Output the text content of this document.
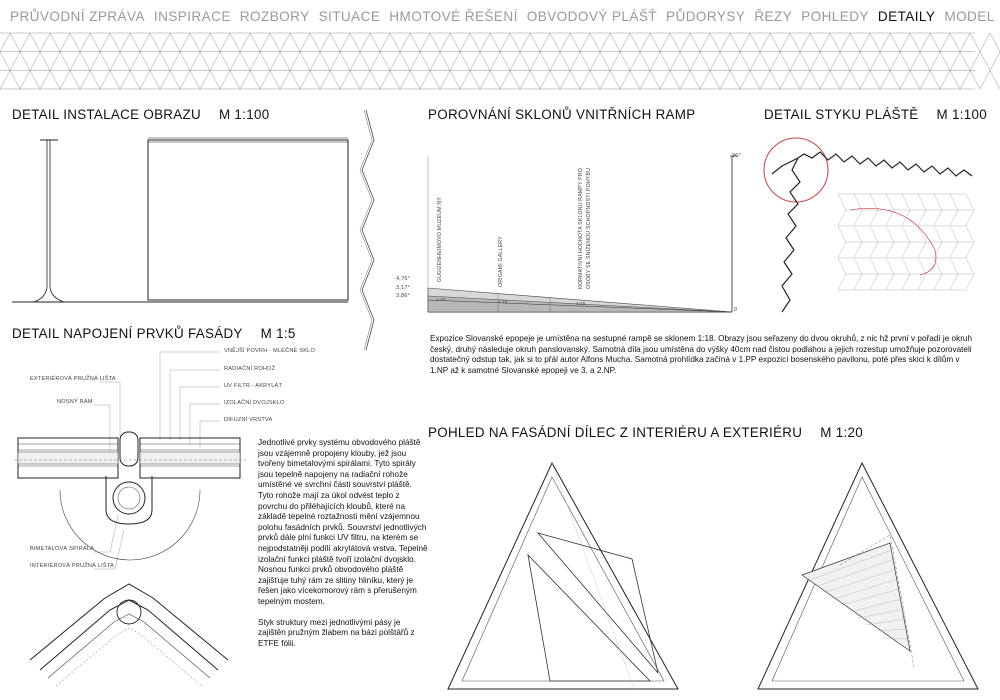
PRŮVODNÍ ZPRÁVA INSPIRACE ROZBORY SITUACE HMOTOVÉ ŘEŠENÍ OBVODOVÝ PLÁŠŤ PŮDORYSY ŘEZY POHLEDY DETAILY MODEL
DETAIL INSTALACE OBRAZU M 1:100	POROVNÁNÍ SKLONŮ VNITŘNÍCH RAMP	DETAIL STYKU PLÁŠTĚ M 1:100
DETAIL NAPOJENÍ PRVKŮ FASÁDY M 1:5
POHLED NA FASÁDNÍ DÍLEC Z INTERIÉRU A EXTERIÉRU M 1:20
90°
0
4,76°
3,17°
3,86°
1:20	1:18	1:15
GUGGENHEIMOVO MUZEUM NY	ORIGAMI GALLERY	NORMATIVNÍ HODNOTA SKLONU RAMPY PRO OSOBY SE SNÍŽENOU SCHOPNOSTÍ POHYBU
Expozice Slovanské epopeje je umístěna na sestupné rampě se sklonem 1:18. Obrazy jsou seřazeny do dvou okruhů, z nic hž první v pořadí je okruh český, druhý následuje okruh panslovanský. Samotná díla jsou umístěna do výšky 40cm nad čistou podlahou a jejich rozestup umožňuje pozorovateli dostatečný odstup tak, jak si to přál autor Alfons Mucha. Samotná prohlídka začíná v 1.PP expozicí bosenského pavilonu, poté přes skici k dílům v 1.NP až k samotné Slovanské epopeji ve 3. a 2.NP.
VNĚJŠÍ POVRH - MLÉČNÉ SKLO
RADIAČNÍ ROHOŽ
UV FILTR - AKRYLÁT
IZOLAČNÍ DVOJSKLO
DIFUZNÍ VRSTVA
EXTERIÉROVÁ PRUŽNÁ LIŠTA
NOSNÝ RÁM
BIMETALOVÁ SPIRÁLA
INTERIÉROVÁ PRUŽNÁ LIŠTA
Jednotlivé prvky systému obvodového pláště jsou vzájemně propojeny klouby, jež jsou tvořeny bimetalovými spirálami. Tyto spirály jsou tepelně napojeny na radiační rohože umístěné ve svrchní části souvrství pláště. Tyto rohože mají za úkol odvést teplo z povrchu do přiléhajících kloubů, které na základě tepelné roztažnosti mění vzájemnou polohu fasádních prvků. Souvrství jednotlivých prvků dále plní funkci UV filtru, na kterém se nejpodstatněji podílí akrylátová vrstva. Tepelně izolační funkci pláště tvoří izolační dvojsklo.
Nosnou funkci prvků obvodového pláště zajišťuje tuhý rám ze slitiny hliníku, který je řešen jako vícekomorový rám s přerušeným tepelným mostem.
Styk struktury mezi jednotlivými pásy je zajištěn pružným žlabem na bázi polštářů z ETFE fólii.
